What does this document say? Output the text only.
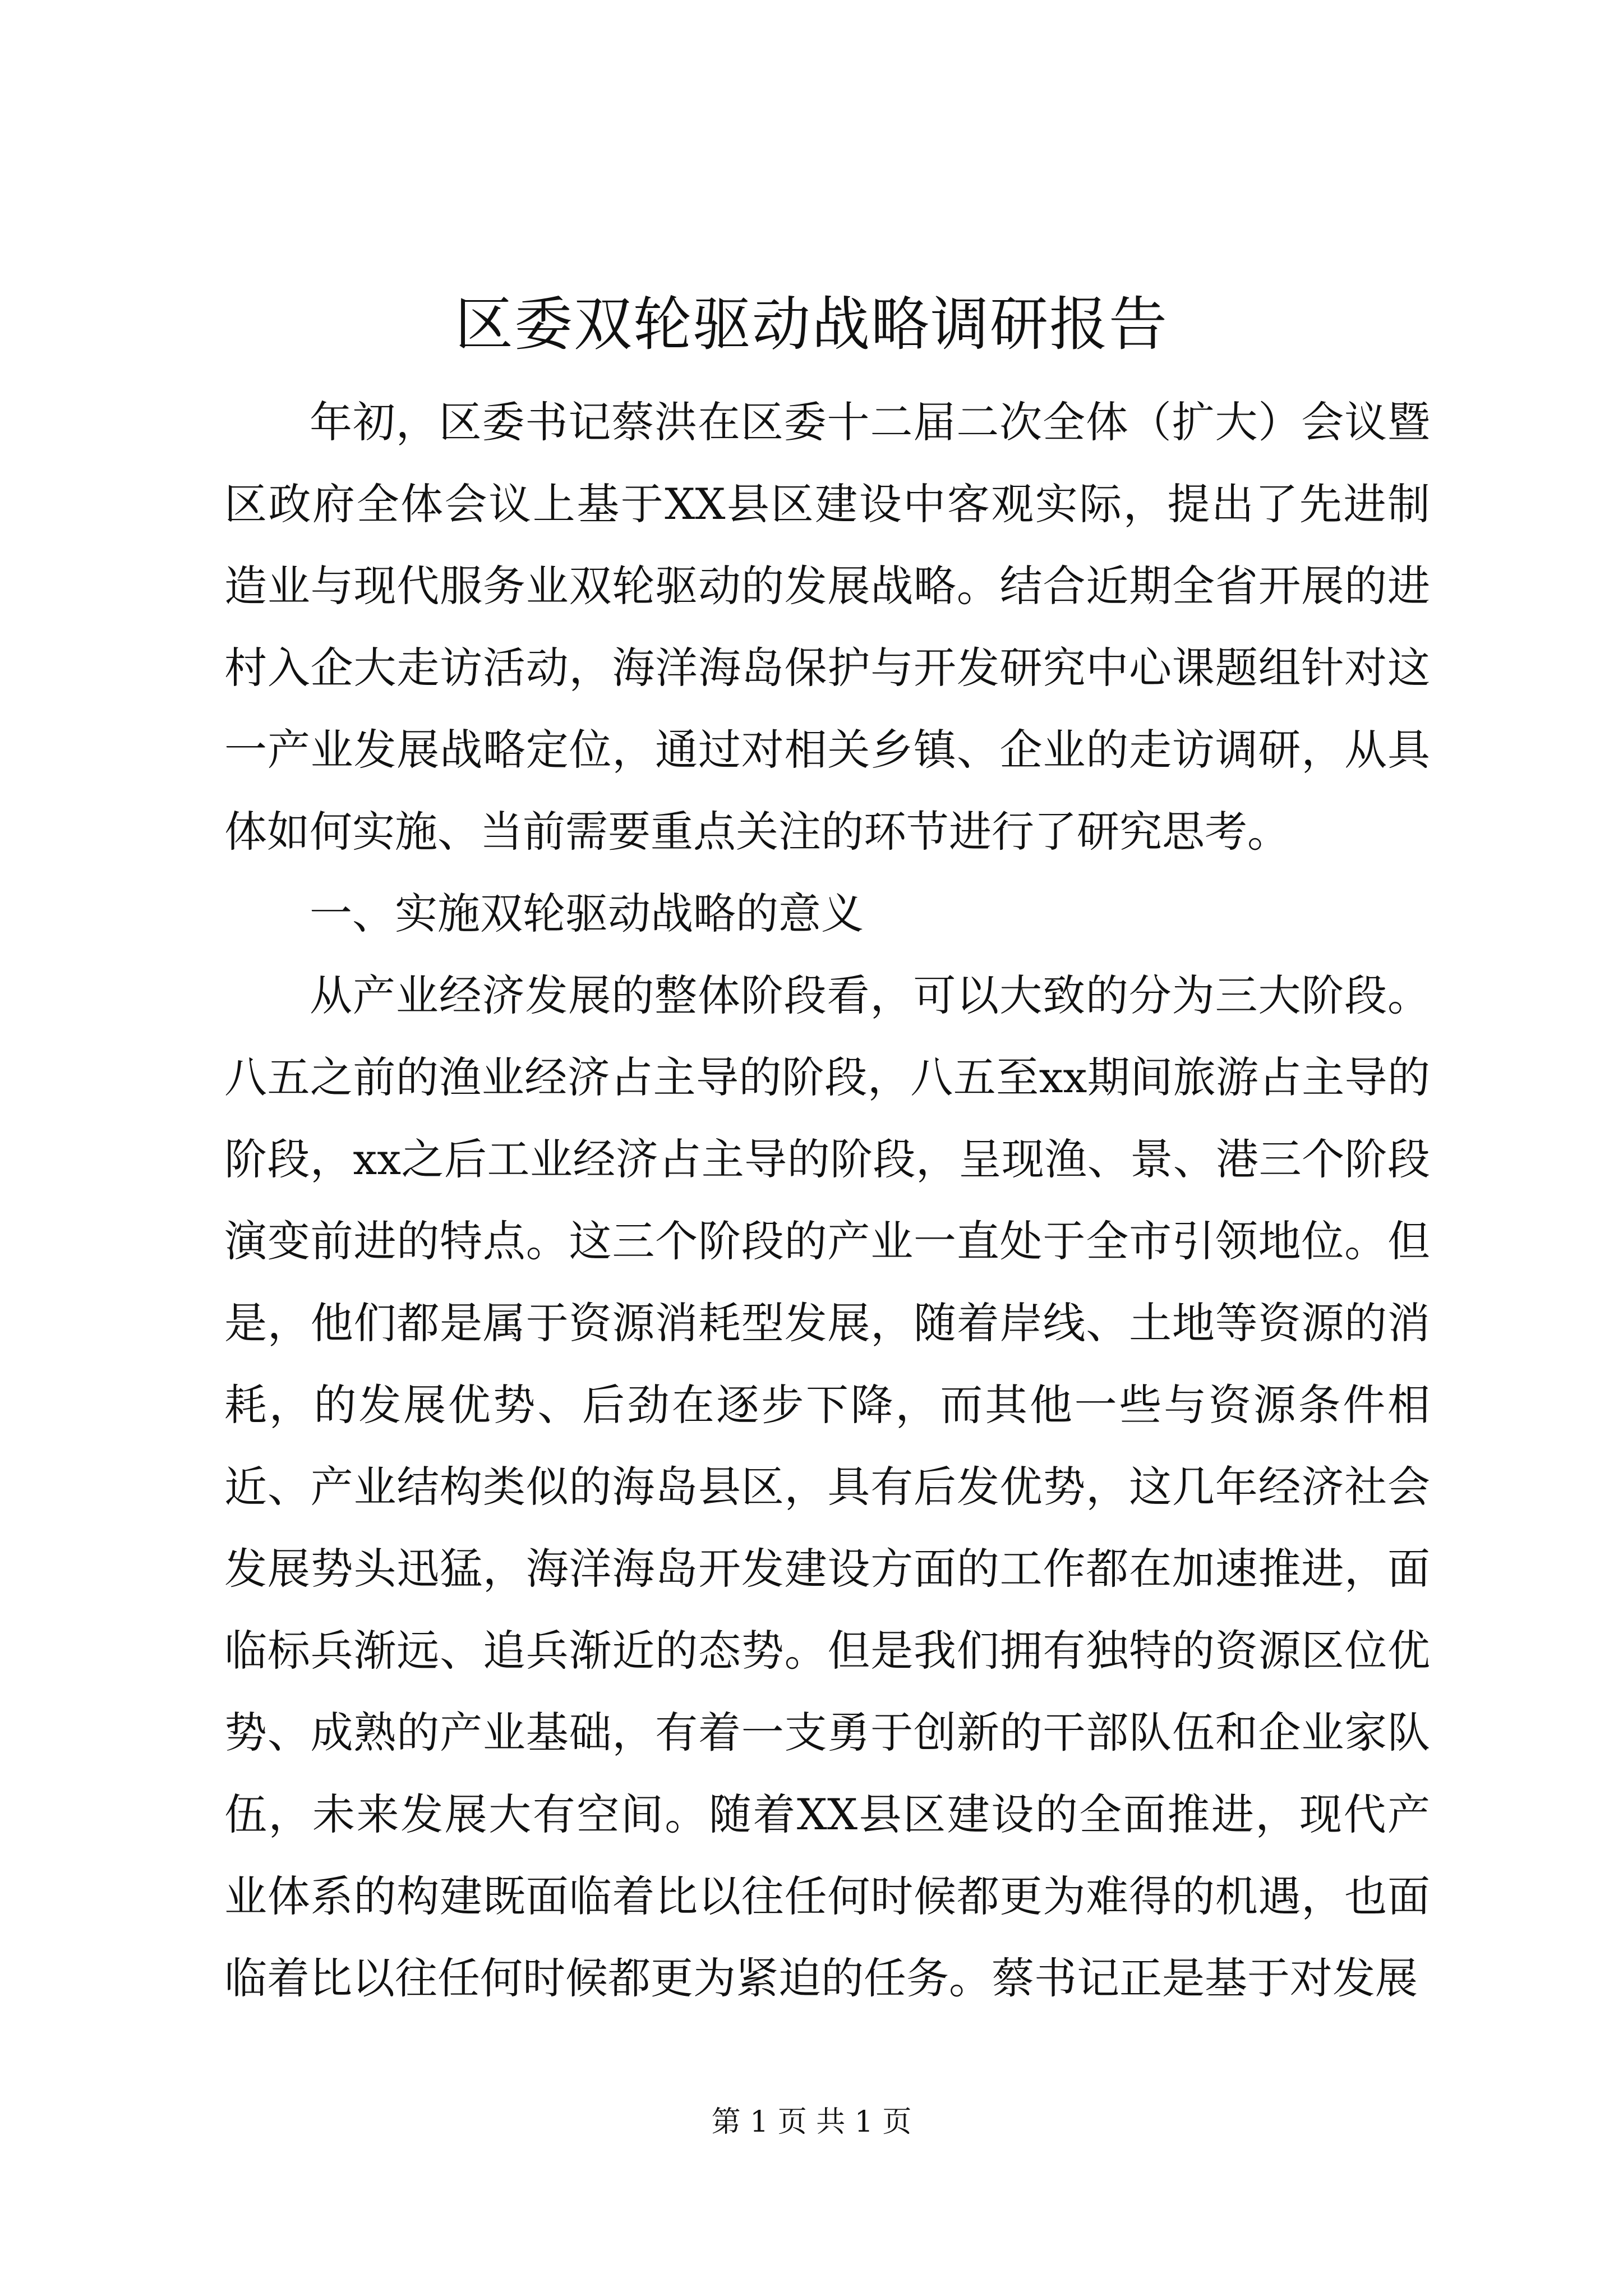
区委双轮驱动战略调研报告

年初，区委书记蔡洪在区委十二届二次全体（扩大）会议暨区政府全体会议上基于XX县区建设中客观实际，提出了先进制造业与现代服务业双轮驱动的发展战略。结合近期全省开展的进村入企大走访活动，海洋海岛保护与开发研究中心课题组针对这一产业发展战略定位，通过对相关乡镇、企业的走访调研，从具体如何实施、当前需要重点关注的环节进行了研究思考。

一、实施双轮驱动战略的意义

从产业经济发展的整体阶段看，可以大致的分为三大阶段。八五之前的渔业经济占主导的阶段，八五至xx期间旅游占主导的阶段，xx之后工业经济占主导的阶段，呈现渔、景、港三个阶段演变前进的特点。这三个阶段的产业一直处于全市引领地位。但是，他们都是属于资源消耗型发展，随着岸线、土地等资源的消耗，的发展优势、后劲在逐步下降，而其他一些与资源条件相近、产业结构类似的海岛县区，具有后发优势，这几年经济社会发展势头迅猛，海洋海岛开发建设方面的工作都在加速推进，面临标兵渐远、追兵渐近的态势。但是我们拥有独特的资源区位优势、成熟的产业基础，有着一支勇于创新的干部队伍和企业家队伍，未来发展大有空间。随着XX县区建设的全面推进，现代产业体系的构建既面临着比以往任何时候都更为难得的机遇，也面临着比以往任何时候都更为紧迫的任务。蔡书记正是基于对发展

第 1 页 共 1 页
